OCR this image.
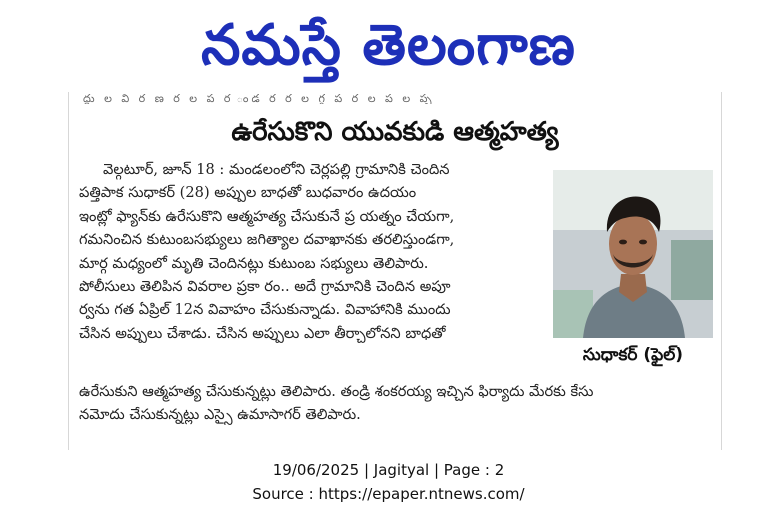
నమస్తే తెలంగాణ
ద్దు ల వి ర ణ ర ల ప ర ండ ర ర ల గ్గ ప ర ల ప ల ప్ప
ఉరేసుకొని యువకుడి ఆత్మహత్య

వెల్గటూర్, జూన్ 18 : మండలంలోని చెర్లపల్లి గ్రామానికి చెందిన

పత్తిపాక సుధాకర్ (28) అప్పుల బాధతో బుధవారం ఉదయం

ఇంట్లో ఫ్యాన్‌కు ఉరేసుకొని ఆత్మహత్య చేసుకునే ప్ర యత్నం చేయగా,

గమనించిన కుటుంబసభ్యులు జగిత్యాల దవాఖానకు తరలిస్తుండగా,

మార్గ మధ్యంలో మృతి చెందినట్లు కుటుంబ సభ్యులు తెలిపారు.

పోలీసులు తెలిపిన వివరాల ప్రకా రం.. అదే గ్రామానికి చెందిన అపూ

ర్వను గత ఏప్రిల్ 12న వివాహం చేసుకున్నాడు. వివాహానికి ముందు

చేసిన అప్పులు చేశాడు. చేసిన అప్పులు ఎలా తీర్చాలోనని బాధతో

సుధాకర్ (ఫైల్)
ఉరేసుకుని ఆత్మహత్య చేసుకున్నట్లు తెలిపారు. తండ్రి శంకరయ్య ఇచ్చిన ఫిర్యాదు మేరకు కేసు
నమోదు చేసుకున్నట్లు ఎస్సై ఉమాసాగర్ తెలిపారు.
19/06/2025 | Jagityal | Page : 2
Source : https://epaper.ntnews.com/
